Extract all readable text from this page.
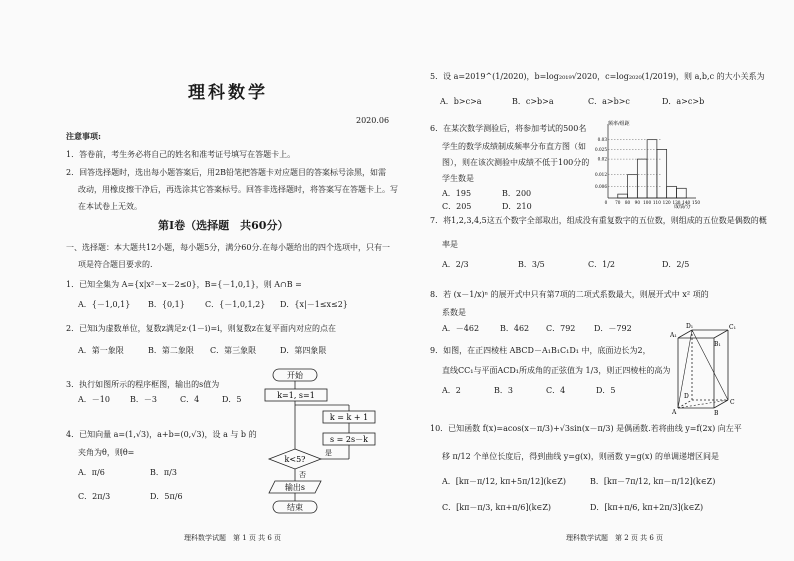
理科数学
2020.06
注意事项:
1．答卷前，考生务必将自己的姓名和准考证号填写在答题卡上。
2．回答选择题时，选出每小题答案后，用2B铅笔把答题卡对应题目的答案标号涂黑，如需
改动，用橡皮擦干净后，再选涂其它答案标号。回答非选择题时，将答案写在答题卡上。写
在本试卷上无效。
第Ⅰ卷（选择题　共60分）
一、选择题：本大题共12小题，每小题5分，满分60分.在每小题给出的四个选项中，只有一
项是符合题目要求的.
1．已知全集为 A={x|x²－x－2≤0}，B={－1,0,1}，则 A∩B =
A．{－1,0,1} B．{0,1}	C．{－1,0,1,2} D．{x|－1≤x≤2}
2．已知i为虚数单位，复数z满足z·(1－i)=i，则复数z在复平面内对应的点在
A．第一象限	B．第二象限 C．第三象限	D．第四象限
3．执行如图所示的程序框图，输出的s值为
A．－10	B．－3	C．4	D．5
4．已知向量 a=(1,√3)，a+b=(0,√3)，设 a 与 b 的
夹角为θ，则θ=
A．π/6	B．π/3
C．2π/3	D．5π/6
开始
k=1, s=1
k = k + 1
s = 2s－k
k<5?
是
否
输出s
结束
理科数学试题　第 1 页 共 6 页
5．设 a=2019^(1/2020)，b=log₂₀₁₉√2020，c=log₂₀₂₀(1/2019)，则 a,b,c 的大小关系为
A．b>c>a	B．c>b>a	C．a>b>c	D．a>c>b
6．在某次数学测验后，将参加考试的500名
学生的数学成绩制成频率分布直方图（如
图），则在该次测验中成绩不低于100分的
学生数是
A．195	B．200
C．205	D．210
频率/组距
成绩/分
0.006
0.012
0.02
0.025
0.03
0 70 80 90 100 110 120 130 140 150
7．将1,2,3,4,5这五个数字全部取出，组成没有重复数字的五位数，则组成的五位数是偶数的概
率是
A．2/3	B．3/5	C．1/2	D．2/5
8．若 (x－1/x)ⁿ 的展开式中只有第7项的二项式系数最大，则展开式中 x² 项的
系数是
A．－462	B．462 C．792 D．－792
9．如图，在正四棱柱 ABCD－A₁B₁C₁D₁ 中，底面边长为2，
直线CC₁与平面ACD₁所成角的正弦值为 1/3，则正四棱柱的高为
A．2	B．3	C．4	D．5
A	B
C
D
A₁
B₁
C₁
D₁
10．已知函数 f(x)=acos(x－π/3)+√3sin(x－π/3) 是偶函数.若将曲线 y=f(2x) 向左平
移 π/12 个单位长度后，得到曲线 y=g(x)，则函数 y=g(x) 的单调递增区间是
A．[kπ－π/12, kπ+5π/12](k∈Z)	B．[kπ－7π/12, kπ－π/12](k∈Z)
C．[kπ－π/3, kπ+π/6](k∈Z)	D．[kπ+π/6, kπ+2π/3](k∈Z)
理科数学试题　第 2 页 共 6 页
